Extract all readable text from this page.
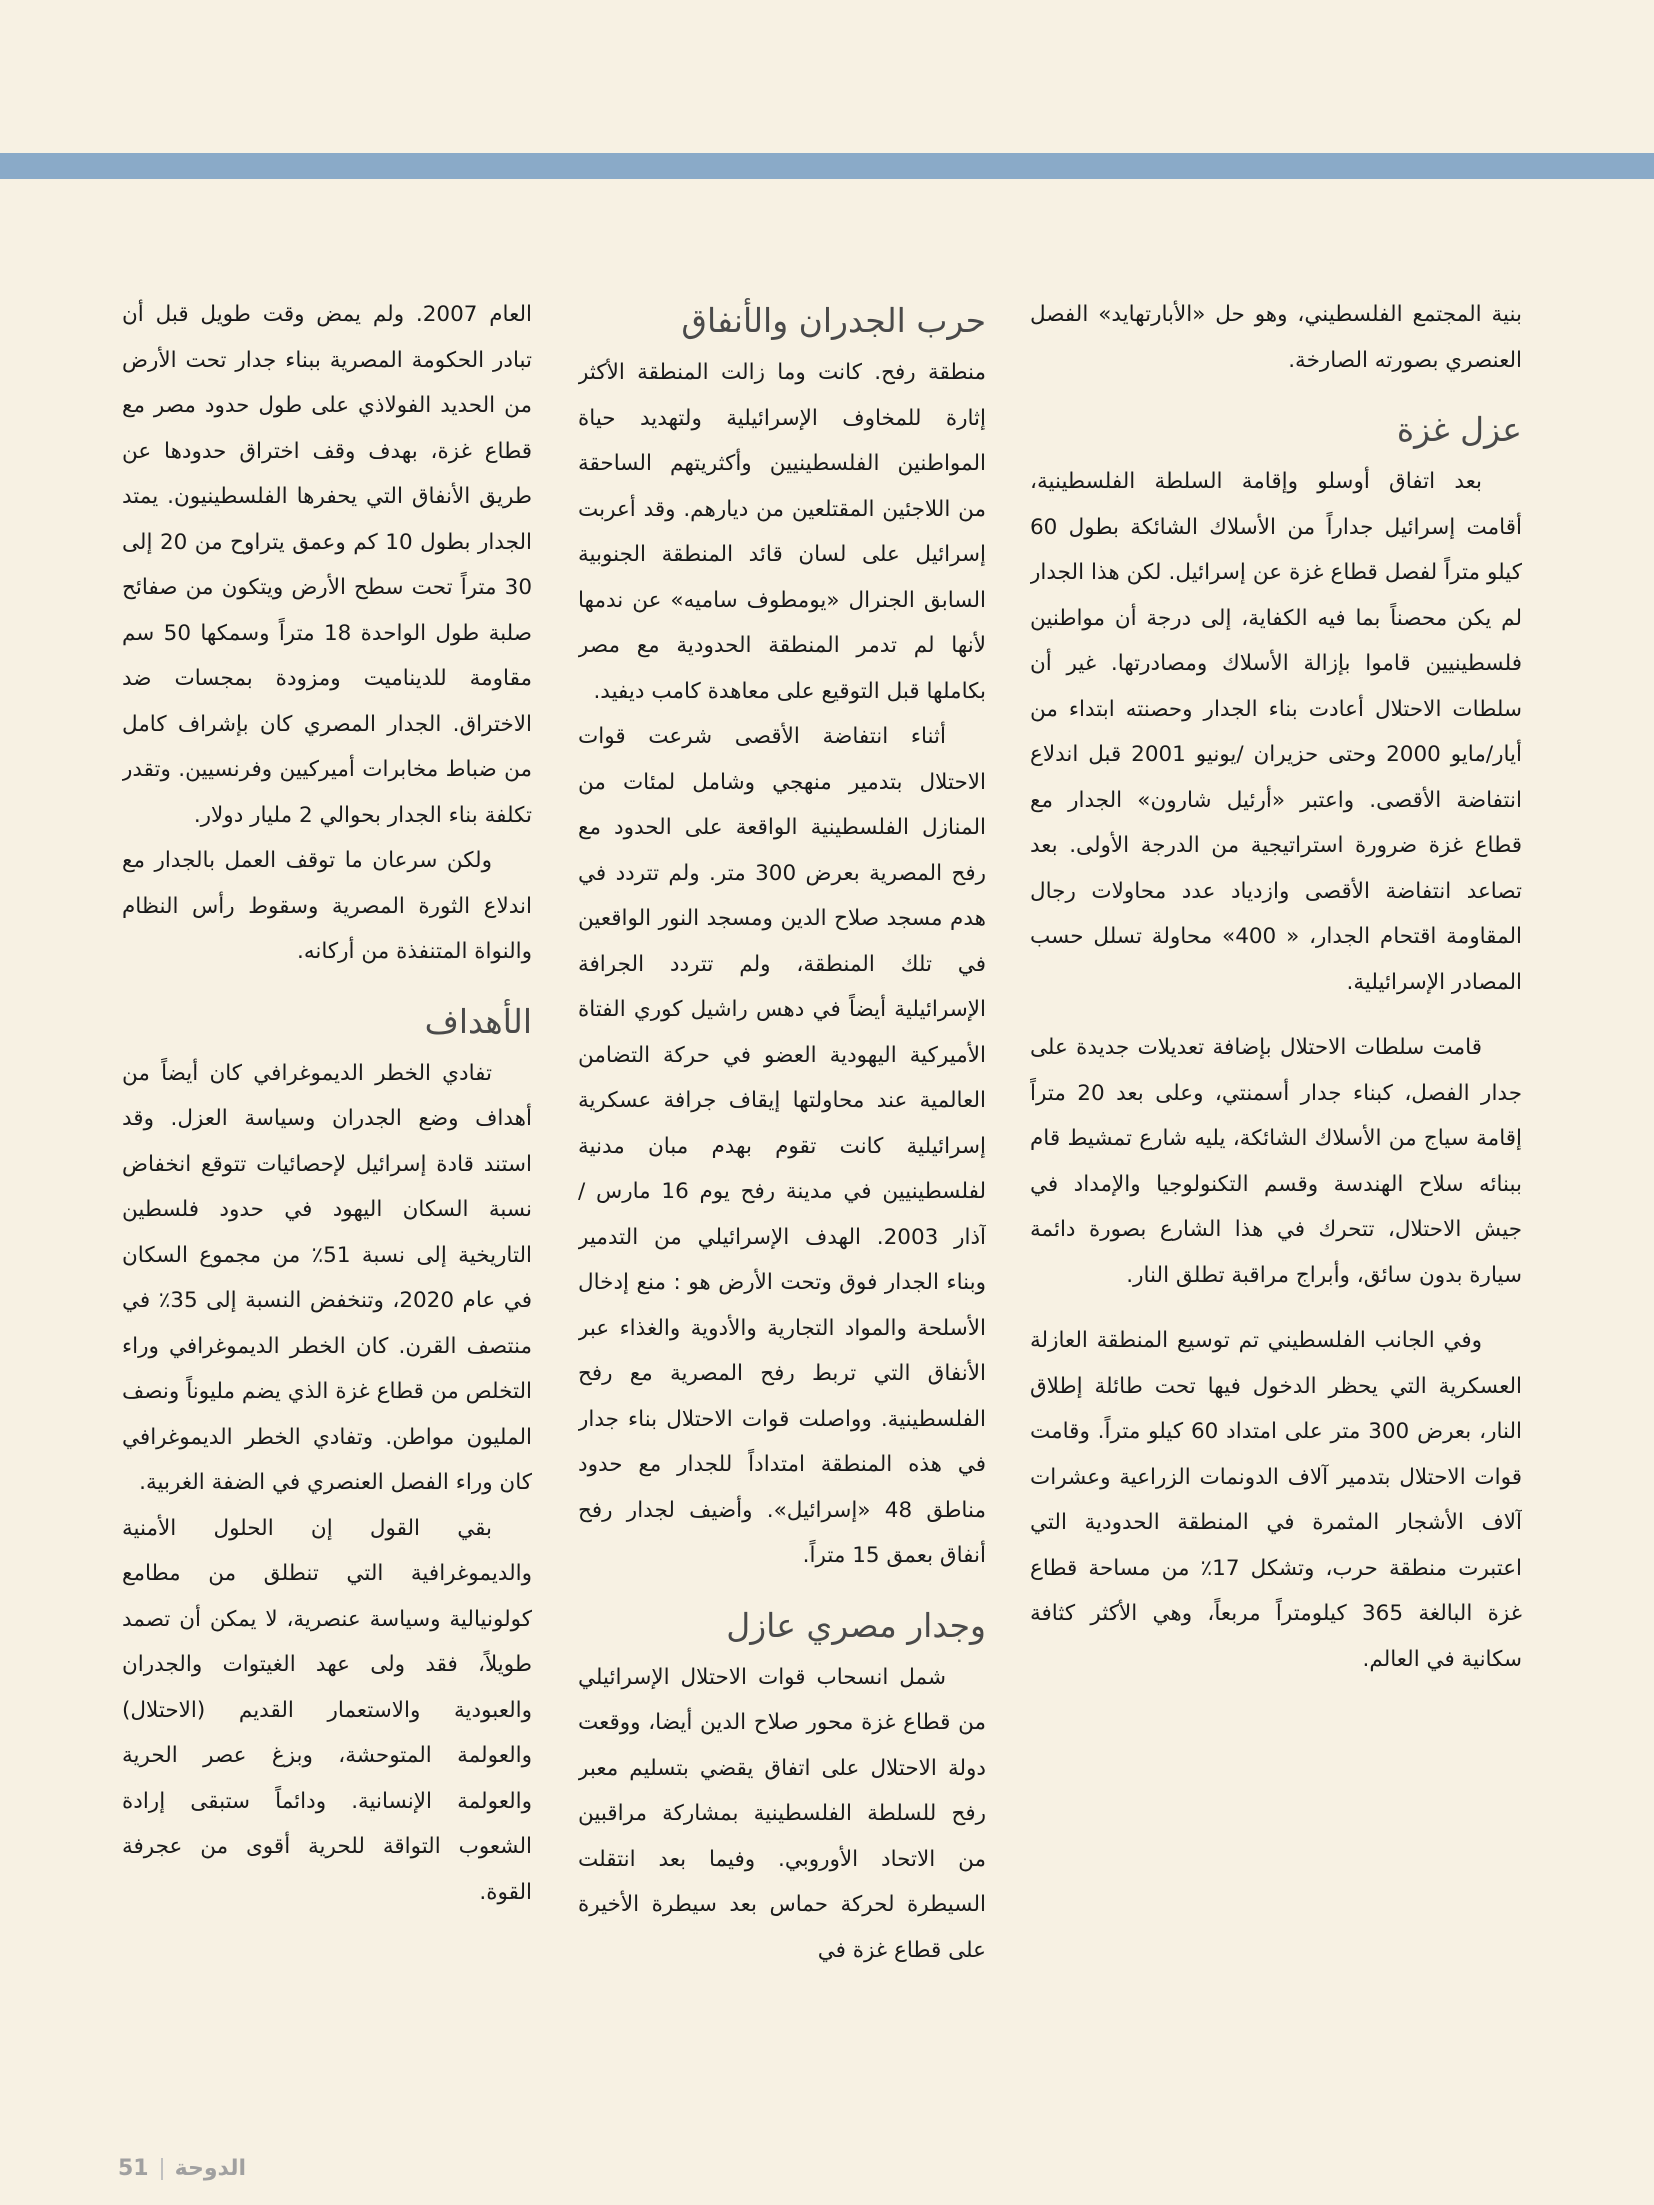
بنية المجتمع الفلسطيني، وهو حل «الأبارتهايد» الفصل العنصري بصورته الصارخة.

عزل غزة

بعد اتفاق أوسلو وإقامة السلطة الفلسطينية، أقامت إسرائيل جداراً من الأسلاك الشائكة بطول 60 كيلو متراً لفصل قطاع غزة عن إسرائيل. لكن هذا الجدار لم يكن محصناً بما فيه الكفاية، إلى درجة أن مواطنين فلسطينيين قاموا بإزالة الأسلاك ومصادرتها. غير أن سلطات الاحتلال أعادت بناء الجدار وحصنته ابتداء من أيار/مايو 2000 وحتى حزيران /يونيو 2001 قبل اندلاع انتفاضة الأقصى. واعتبر «أرئيل شارون» الجدار مع قطاع غزة ضرورة استراتيجية من الدرجة الأولى. بعد تصاعد انتفاضة الأقصى وازدياد عدد محاولات رجال المقاومة اقتحام الجدار، « 400» محاولة تسلل حسب المصادر الإسرائيلية.

قامت سلطات الاحتلال بإضافة تعديلات جديدة على جدار الفصل، كبناء جدار أسمنتي، وعلى بعد 20 متراً إقامة سياج من الأسلاك الشائكة، يليه شارع تمشيط قام ببنائه سلاح الهندسة وقسم التكنولوجيا والإمداد في جيش الاحتلال، تتحرك في هذا الشارع بصورة دائمة سيارة بدون سائق، وأبراج مراقبة تطلق النار.

وفي الجانب الفلسطيني تم توسيع المنطقة العازلة العسكرية التي يحظر الدخول فيها تحت طائلة إطلاق النار، بعرض 300 متر على امتداد 60 كيلو متراً. وقامت قوات الاحتلال بتدمير آلاف الدونمات الزراعية وعشرات آلاف الأشجار المثمرة في المنطقة الحدودية التي اعتبرت منطقة حرب، وتشكل 17٪ من مساحة قطاع غزة البالغة 365 كيلومتراً مربعاً، وهي الأكثر كثافة سكانية في العالم.

حرب الجدران والأنفاق

منطقة رفح. كانت وما زالت المنطقة الأكثر إثارة للمخاوف الإسرائيلية ولتهديد حياة المواطنين الفلسطينيين وأكثريتهم الساحقة من اللاجئين المقتلعين من ديارهم. وقد أعربت إسرائيل على لسان قائد المنطقة الجنوبية السابق الجنرال «يومطوف ساميه» عن ندمها لأنها لم تدمر المنطقة الحدودية مع مصر بكاملها قبل التوقيع على معاهدة كامب ديفيد.

أثناء انتفاضة الأقصى شرعت قوات الاحتلال بتدمير منهجي وشامل لمئات من المنازل الفلسطينية الواقعة على الحدود مع رفح المصرية بعرض 300 متر. ولم تتردد في هدم مسجد صلاح الدين ومسجد النور الواقعين في تلك المنطقة، ولم تتردد الجرافة الإسرائيلية أيضاً في دهس راشيل كوري الفتاة الأميركية اليهودية العضو في حركة التضامن العالمية عند محاولتها إيقاف جرافة عسكرية إسرائيلية كانت تقوم بهدم مبان مدنية لفلسطينيين في مدينة رفح يوم 16 مارس /آذار 2003. الهدف الإسرائيلي من التدمير وبناء الجدار فوق وتحت الأرض هو : منع إدخال الأسلحة والمواد التجارية والأدوية والغذاء عبر الأنفاق التي تربط رفح المصرية مع رفح الفلسطينية. وواصلت قوات الاحتلال بناء جدار في هذه المنطقة امتداداً للجدار مع حدود مناطق 48 «إسرائيل». وأضيف لجدار رفح أنفاق بعمق 15 متراً.

وجدار مصري عازل

شمل انسحاب قوات الاحتلال الإسرائيلي من قطاع غزة محور صلاح الدين أيضا، ووقعت دولة الاحتلال على اتفاق يقضي بتسليم معبر رفح للسلطة الفلسطينية بمشاركة مراقبين من الاتحاد الأوروبي. وفيما بعد انتقلت السيطرة لحركة حماس بعد سيطرة الأخيرة على قطاع غزة في

العام 2007. ولم يمض وقت طويل قبل أن تبادر الحكومة المصرية ببناء جدار تحت الأرض من الحديد الفولاذي على طول حدود مصر مع قطاع غزة، بهدف وقف اختراق حدودها عن طريق الأنفاق التي يحفرها الفلسطينيون. يمتد الجدار بطول 10 كم وعمق يتراوح من 20 إلى 30 متراً تحت سطح الأرض ويتكون من صفائح صلبة طول الواحدة 18 متراً وسمكها 50 سم مقاومة للديناميت ومزودة بمجسات ضد الاختراق. الجدار المصري كان بإشراف كامل من ضباط مخابرات أميركيين وفرنسيين. وتقدر تكلفة بناء الجدار بحوالي 2 مليار دولار.

ولكن سرعان ما توقف العمل بالجدار مع اندلاع الثورة المصرية وسقوط رأس النظام والنواة المتنفذة من أركانه.

الأهداف

تفادي الخطر الديموغرافي كان أيضاً من أهداف وضع الجدران وسياسة العزل. وقد استند قادة إسرائيل لإحصائيات تتوقع انخفاض نسبة السكان اليهود في حدود فلسطين التاريخية إلى نسبة 51٪ من مجموع السكان في عام 2020، وتنخفض النسبة إلى 35٪ في منتصف القرن. كان الخطر الديموغرافي وراء التخلص من قطاع غزة الذي يضم مليوناً ونصف المليون مواطن. وتفادي الخطر الديموغرافي كان وراء الفصل العنصري في الضفة الغربية.

بقي القول إن الحلول الأمنية والديموغرافية التي تنطلق من مطامع كولونيالية وسياسة عنصرية، لا يمكن أن تصمد طويلاً، فقد ولى عهد الغيتوات والجدران والعبودية والاستعمار القديم (الاحتلال) والعولمة المتوحشة، وبزغ عصر الحرية والعولمة الإنسانية. ودائماً ستبقى إرادة الشعوب التواقة للحرية أقوى من عجرفة القوة.

51 الدوحة
